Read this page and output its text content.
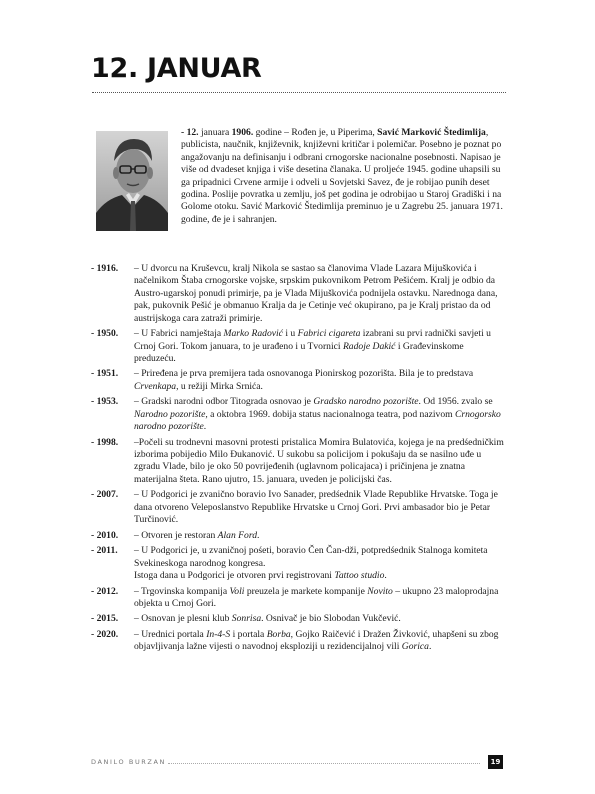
12. JANUAR

- 12. januara 1906. godine – Rođen je, u Piperima, Savić Marković Štedimlija, publicista, naučnik, književnik, književni kritičar i polemičar. Posebno je poznat po angažovanju na definisanju i odbrani crnogorske nacionalne posebnosti. Napisao je više od dvadeset knjiga i više desetina članaka. U proljeće 1945. godine uhapsili su ga pripadnici Crvene armije i odveli u Sovjetski Savez, đe je robijao punih deset godina. Poslije povratka u zemlju, još pet godina je odrobijao u Staroj Gradiški i na Golome otoku. Savić Marković Štedimlija preminuo je u Zagrebu 25. januara 1971. godine, đe je i sahranjen.

- 1916.	– U dvorcu na Kruševcu, kralj Nikola se sastao sa članovima Vlade Lazara Mijuškovića i načelnikom Štaba crnogorske vojske, srpskim pukovnikom Petrom Pešićem. Kralj je odbio da Austro-ugarskoj ponudi primirje, pa je Vlada Mijuškovića podnijela ostavku. Narednoga dana, pak, pukovnik Pešić je obmanuo Kralja da je Cetinje već okupirano, pa je Kralj pristao da od austrijskoga cara zatraži primirje.
- 1950.	– U Fabrici namještaja Marko Radović i u Fabrici cigareta izabrani su prvi radnički savjeti u Crnoj Gori. Tokom januara, to je urađeno i u Tvornici Radoje Dakić i Građevinskome preduzeću.
- 1951.	– Priređena je prva premijera tada osnovanoga Pionirskog pozorišta. Bila je to predstava Crvenkapa, u režiji Mirka Srnića.
- 1953.	– Gradski narodni odbor Titograda osnovao je Gradsko narodno pozorište. Od 1956. zvalo se Narodno pozorište, a oktobra 1969. dobija status nacionalnoga teatra, pod nazivom Crnogorsko narodno pozorište.
- 1998.	–Počeli su trodnevni masovni protesti pristalica Momira Bulatovića, kojega je na predśedničkim izborima pobijedio Milo Đukanović. U sukobu sa policijom i pokušaju da se nasilno uđe u zgradu Vlade, bilo je oko 50 povrijeđenih (uglavnom policajaca) i pričinjena je znatna materijalna šteta. Rano ujutro, 15. januara, uveden je policijski čas.
- 2007.	– U Podgorici je zvanično boravio Ivo Sanader, predśednik Vlade Republike Hrvatske. Toga je dana otvoreno Veleposlanstvo Republike Hrvatske u Crnoj Gori. Prvi ambasador bio je Petar Turčinović.
- 2010.	– Otvoren je restoran Alan Ford.
- 2011.	– U Podgorici je, u zvaničnoj pośeti, boravio Čen Čan-dži, potpredśednik Stalnoga komiteta Svekineskoga narodnog kongresa.
Istoga dana u Podgorici je otvoren prvi registrovani Tattoo studio.
- 2012.	– Trgovinska kompanija Voli preuzela je markete kompanije Novito – ukupno 23 maloprodajna objekta u Crnoj Gori.
- 2015.	– Osnovan je plesni klub Sonrisa. Osnivač je bio Slobodan Vukčević.
- 2020.	– Urednici portala In-4-S i portala Borba, Gojko Raičević i Dražen Živković, uhapšeni su zbog objavljivanja lažne vijesti o navodnoj eksploziji u rezidencijalnoj vili Gorica.
DANILO BURZAN	19
